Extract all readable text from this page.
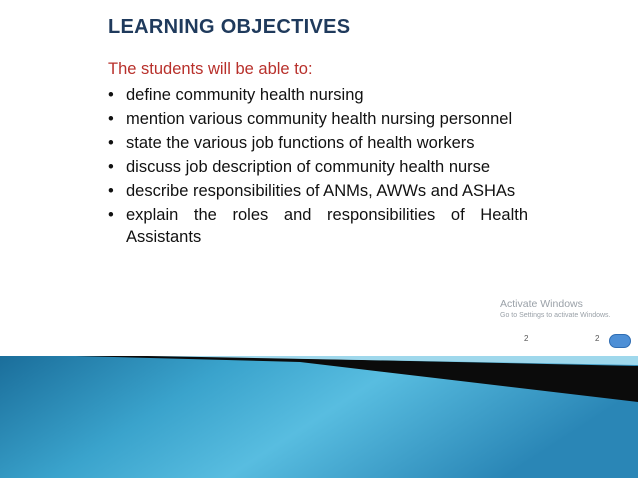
LEARNING OBJECTIVES

The students will be able to:

• define community health nursing
• mention various community health nursing personnel
• state the various job functions of health workers
• discuss job description of community health nurse
• describe responsibilities of ANMs, AWWs and ASHAs
• explain the roles and responsibilities of Health Assistants
Activate Windows
Go to Settings to activate Windows.
2	2
